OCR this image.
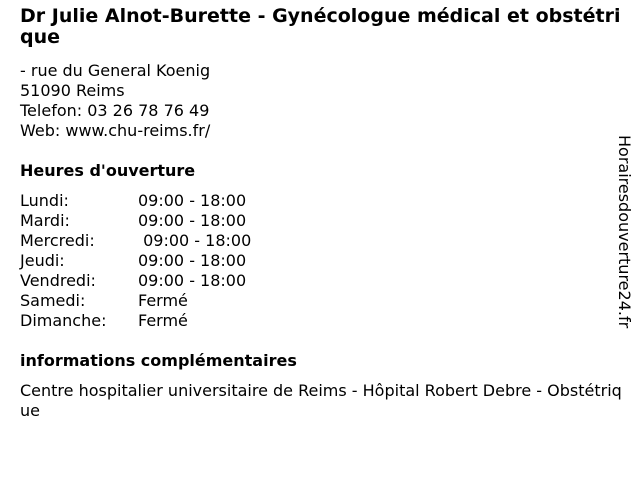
Dr Julie Alnot-Burette - Gynécologue médical et obstétrique
- rue du General Koenig
51090 Reims
Telefon: 03 26 78 76 49
Web: www.chu-reims.fr/
Heures d'ouverture
Lundi:	09:00 - 18:00
Mardi:	09:00 - 18:00
Mercredi:	09:00 - 18:00
Jeudi:	09:00 - 18:00
Vendredi:	09:00 - 18:00
Samedi:	Fermé
Dimanche:	Fermé
informations complémentaires
Centre hospitalier universitaire de Reims - Hôpital Robert Debre - Obstétrique
Horairesdouverture24.fr
